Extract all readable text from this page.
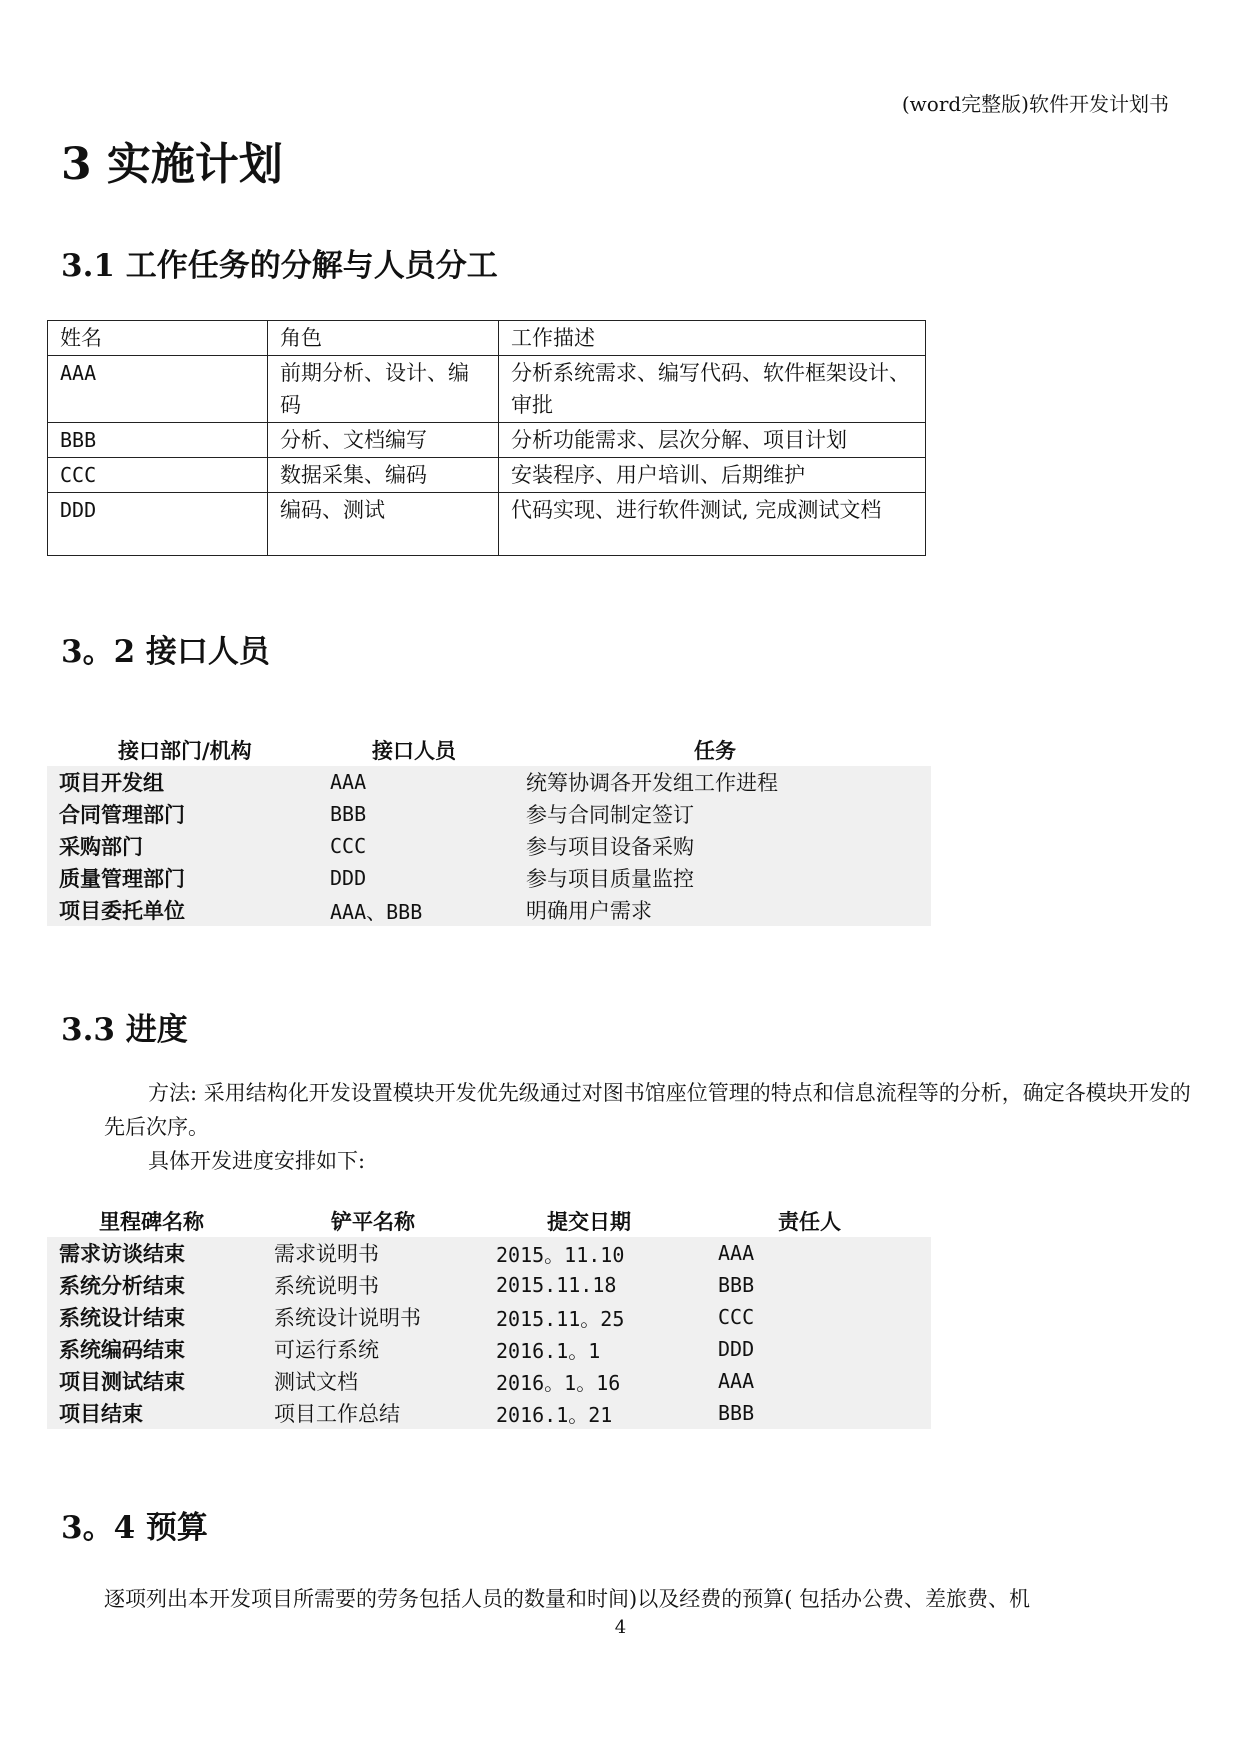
(word完整版)软件开发计划书
3 实施计划
3.1 工作任务的分解与人员分工
姓名	角色	工作描述
AAA	前期分析、设计、编码	分析系统需求、编写代码、软件框架设计、审批
BBB	分析、文档编写	分析功能需求、层次分解、项目计划
CCC	数据采集、编码	安装程序、用户培训、后期维护
DDD	编码、测试	代码实现、进行软件测试, 完成测试文档
3。2 接口人员
接口部门/机构	接口人员	任务
项目开发组	AAA	统筹协调各开发组工作进程
合同管理部门	BBB	参与合同制定签订
采购部门	CCC	参与项目设备采购
质量管理部门	DDD	参与项目质量监控
项目委托单位	AAA、BBB	明确用户需求
3.3 进度

方法: 采用结构化开发设置模块开发优先级通过对图书馆座位管理的特点和信息流程等的分析，确定各模块开发的先后次序。

具体开发进度安排如下:

里程碑名称	铲平名称	提交日期	责任人
需求访谈结束	需求说明书	2015。11.10	AAA
系统分析结束	系统说明书	2015.11.18	BBB
系统设计结束	系统设计说明书	2015.11。25	CCC
系统编码结束	可运行系统	2016.1。1	DDD
项目测试结束	测试文档	2016。1。16	AAA
项目结束	项目工作总结	2016.1。21	BBB
3。4 预算

逐项列出本开发项目所需要的劳务包括人员的数量和时间)以及经费的预算( 包括办公费、差旅费、机

4
